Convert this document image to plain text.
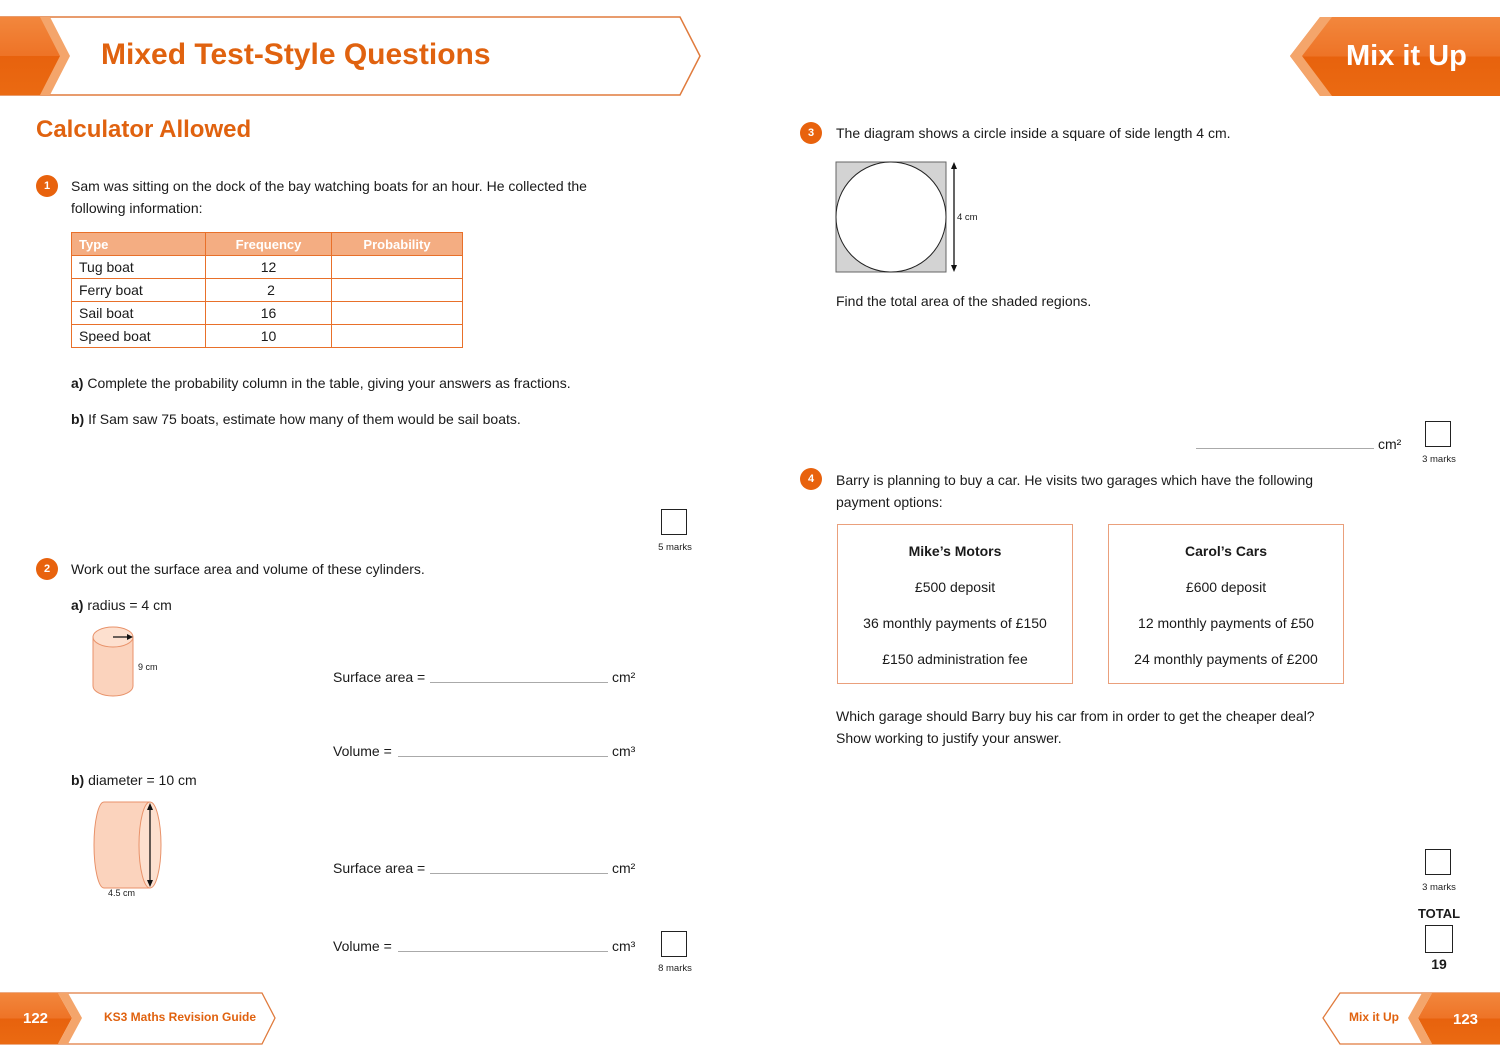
Mixed Test-Style Questions	Mix it Up
Calculator Allowed
1	Sam was sitting on the dock of the bay watching boats for an hour. He collected the
following information:
Type	Frequency	Probability
Tug boat	12	
Ferry boat	2	
Sail boat	16	
Speed boat	10	
a) Complete the probability column in the table, giving your answers as fractions.
b) If Sam saw 75 boats, estimate how many of them would be sail boats.
5 marks
2	Work out the surface area and volume of these cylinders.
a) radius = 4 cm
9 cm
Surface area =	cm²
Volume =	cm³
b) diameter = 10 cm
4.5 cm
Surface area =	cm²
Volume =	cm³
8 marks
3	The diagram shows a circle inside a square of side length 4 cm.
4 cm
Find the total area of the shaded regions.
cm²
3 marks
4	Barry is planning to buy a car. He visits two garages which have the following
payment options:
Mike’s Motors
£500 deposit
36 monthly payments of £150
£150 administration fee
Carol’s Cars
£600 deposit
12 monthly payments of £50
24 monthly payments of £200
Which garage should Barry buy his car from in order to get the cheaper deal?
Show working to justify your answer.
3 marks
TOTAL
19
122	KS3 Maths Revision Guide	Mix it Up	123
